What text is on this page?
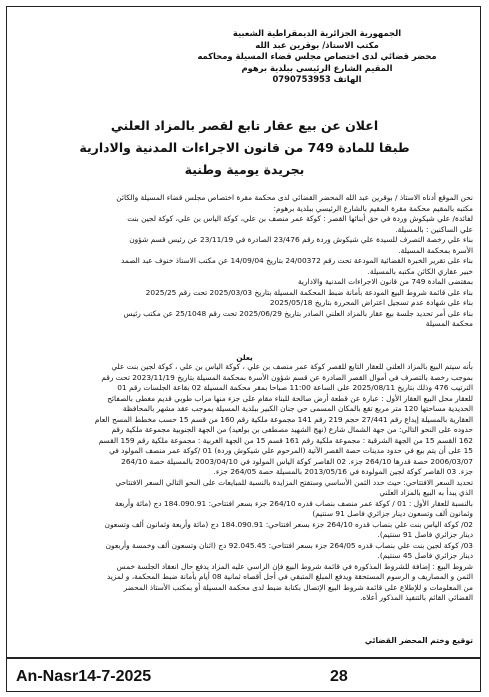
الجمهورية الجزائرية الديمقراطية الشعبية
مكتب الاستاذ/ بوقرين عبد الله
محضر قضائي لدى اختصاص مجلس قضاء المسيلة ومحاكمه
المقيم الشارع الرئيسي ببلدية برهوم
الهاتف 0790753953
اعلان عن بيع عقار تابع لقصر بالمزاد العلني
طبقا للمادة 749 من قانون الاجراءات المدنية والادارية
بجريدة يومية وطنية
نحن الموقع أدناه الاستاذ / بوقرين عبد الله المحضر القضائي لدى محكمة مقرة اختصاص مجلس قضاء المسيلة والكائن
مكتبه بالمقيم محكمة مقرة المقيم بالشارع الرئيسي ببلدية برهوم:
لفائدة/ علي شيكوش وردة في حق أبنائها القصر : كوكة عمر منصف بن علي، كوكة الياس بن علي، كوكة لجين بنت
علي الساكنين : بالمسيلة.
بناء علي رخصة التصرف للسيدة علي شيكوش وردة رقم 23/476 الصادرة في 23/11/19 عن رئيس قسم شؤون
الأسرة بمحكمة المسيلة.
بناء على تقرير الخبرة القضائية المودعة تحت رقم 24/00372 بتاريخ 14/09/04 عن مكتب الاستاذ خنوف عبد الصمد
خبير عقاري الكائن مكتبه بالمسيلة.
بمقتضى المادة 749 من قانون الاجراءات المدنية والادارية
بناء على قائمة شروط البيع المودعة بأمانة ضبط المحكمة المسيلة بتاريخ 2025/03/03 تحت رقم 2025/25
بناء على شهادة عدم تسجيل اعتراض المحررة بتاريخ 2025/05/18
بناء على أمر تحديد جلسة بيع عقار بالمزاد العلني الصادر بتاريخ 2025/06/29 تحت رقم 25/1048 عن مكتب رئيس
محكمة المسيلة
يعلن
بأنه سيتم البيع بالمزاد العلني للعقار التابع للقصر كوكة عمر منصف بن علي ، كوكة الياس بن علي ، كوكة لجين بنت علي
بموجب رخصة بالتصرف في أموال القصر الصادرة عن قسم شؤون الأسرة بمحكمة المسيلة بتاريخ 2023/11/19 تحت رقم
الترتيب 476 وذلك بتاريخ 2025/08/11 على الساعة 11:00 صباحا بمقر محكمة المسيلة 02 بقاعة الجلسات رقم 01
للعقار محل البيع العقار الأول : عبارة عن قطعة أرض صالحة للبناء مقام على جزء منها مراب طوبي قديم مغطى بالصفائح
الحديدية مساحتها 120 متر مربع تقع بالمكان المسمى حي جنان الكبير ببلدية المسيلة بموجب عقد مشهر بالمحافظة
العقارية بالمسيلة إيداع رقم 27/441 حجم 219 رقم 141 مجموعة ملكية رقم 160 من قسم 15 حسب مخطط المسح العام
حدوده على النحو التالي: من جهة الشمال شارع (نهج الشهيد مصطفى بن بولعيد) من الجهة الجنوبية مجموعة ملكية رقم
162 القسم 15 من الجهة الشرقية : مجموعة ملكية رقم 161 قسم 15 من الجهة الغربية : مجموعة ملكية رقم 159 القسم
15 على أن يتم بيع في حدود مدينات حصة القصر الآتية (المرحوم علي شيكوش وردة) 01 /كوكة عمر منصف المولود في
2006/03/07 حصة قدرها 264/10 جزء. 02 القاصر كوكة الياس المولود في 2003/04/10 بالمسيلة حصة 264/10
جزء. 03 القاصر كوكة لجين المولودة في 2013/05/16 بالمسيلة حصة 264/05 جزء.
تحديد السعر الافتتاحي: حيث حدد الثمن الأساسي وستفتح المزايدة بالنسبة للمبايعات على النحو التالي السعر الافتتاحي
الذي يبدأ به البيع بالمزاد العلني
بالنسبة للعقار الأول : 01 / كوكة عمر منصف بنصاب قدره 264/10 جزء بسعر افتتاحي: 184.090.91 دج (مائة وأربعة
وثمانون ألف وتسعون دينار جزائري فاصل 91 سنتيم)
02/ كوكة الياس بنت علي بنصاب قدره 264/10 جزء بسعر افتتاحي: 184.090.91 دج (مائة وأربعة وثمانون ألف وتسعون
دينار جزائري فاصل 91 سنتيم).
03/ كوكة لجين بنت علي بنصاب قدره 264/05 جزء بسعر افتتاحي: 92.045.45 دج (اثنان وتسعون ألف وخمسة وأربعون
دينار جزائري فاصل 45 سنتيم).
شروط البيع : إضافة للشروط المذكورة في قائمة شروط البيع فإن الراسي عليه المزاد يدفع حال انعقاد الجلسة خمس
الثمن و المصاريف و الرسوم المستحقة ويدفع المبلغ المتبقي في أجل أقصاه ثمانية 08 أيام بأمانة ضبط المحكمة، و لمزيد
من المعلومات و للإطلاع على قائمة شروط البيع الإتصال بكتابة ضبط لدى محكمة المسيلة أو بمكتب الأستاذ المحضر
القضائي القائم بالتنفيذ المذكور أعلاه.
توقيع وختم المحضر القضائي
An-Nasr14-7-2025	28
